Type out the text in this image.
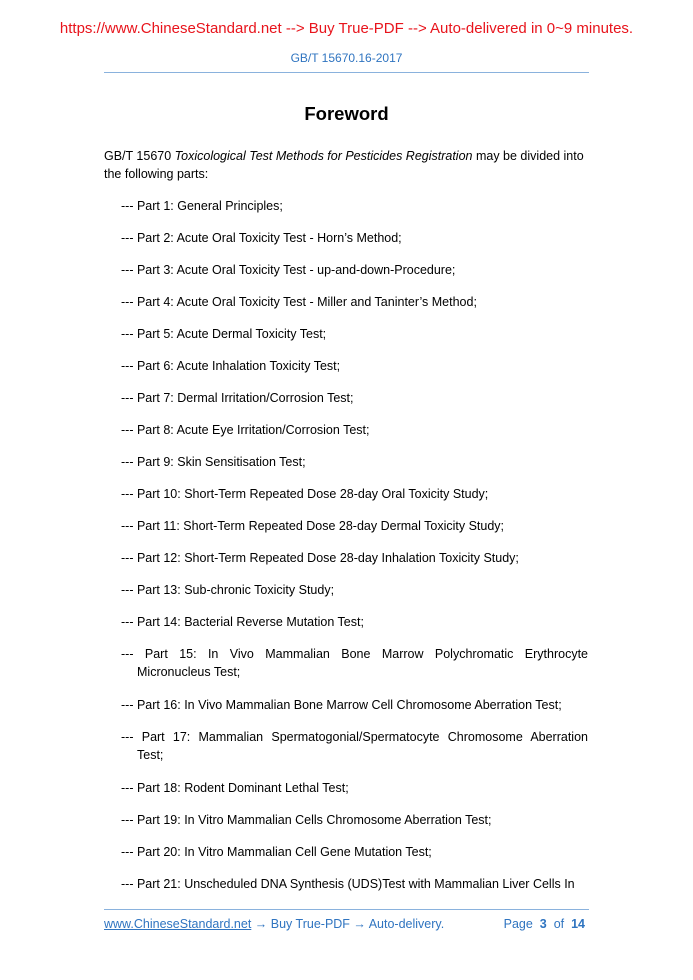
https://www.ChineseStandard.net --> Buy True-PDF --> Auto-delivered in 0~9 minutes.
GB/T 15670.16-2017
Foreword
GB/T 15670 Toxicological Test Methods for Pesticides Registration may be divided into the following parts:
--- Part 1: General Principles;
--- Part 2: Acute Oral Toxicity Test - Horn’s Method;
--- Part 3: Acute Oral Toxicity Test - up-and-down-Procedure;
--- Part 4: Acute Oral Toxicity Test - Miller and Taninter’s Method;
--- Part 5: Acute Dermal Toxicity Test;
--- Part 6: Acute Inhalation Toxicity Test;
--- Part 7: Dermal Irritation/Corrosion Test;
--- Part 8: Acute Eye Irritation/Corrosion Test;
--- Part 9: Skin Sensitisation Test;
--- Part 10: Short-Term Repeated Dose 28-day Oral Toxicity Study;
--- Part 11: Short-Term Repeated Dose 28-day Dermal Toxicity Study;
--- Part 12: Short-Term Repeated Dose 28-day Inhalation Toxicity Study;
--- Part 13: Sub-chronic Toxicity Study;
--- Part 14: Bacterial Reverse Mutation Test;
--- Part 15: In Vivo Mammalian Bone Marrow Polychromatic Erythrocyte Micronucleus Test;
--- Part 16: In Vivo Mammalian Bone Marrow Cell Chromosome Aberration Test;
--- Part 17: Mammalian Spermatogonial/Spermatocyte Chromosome Aberration Test;
--- Part 18: Rodent Dominant Lethal Test;
--- Part 19: In Vitro Mammalian Cells Chromosome Aberration Test;
--- Part 20: In Vitro Mammalian Cell Gene Mutation Test;
--- Part 21: Unscheduled DNA Synthesis (UDS)Test with Mammalian Liver Cells In
www.ChineseStandard.net → Buy True-PDF → Auto-delivery.	Page 3 of 14
